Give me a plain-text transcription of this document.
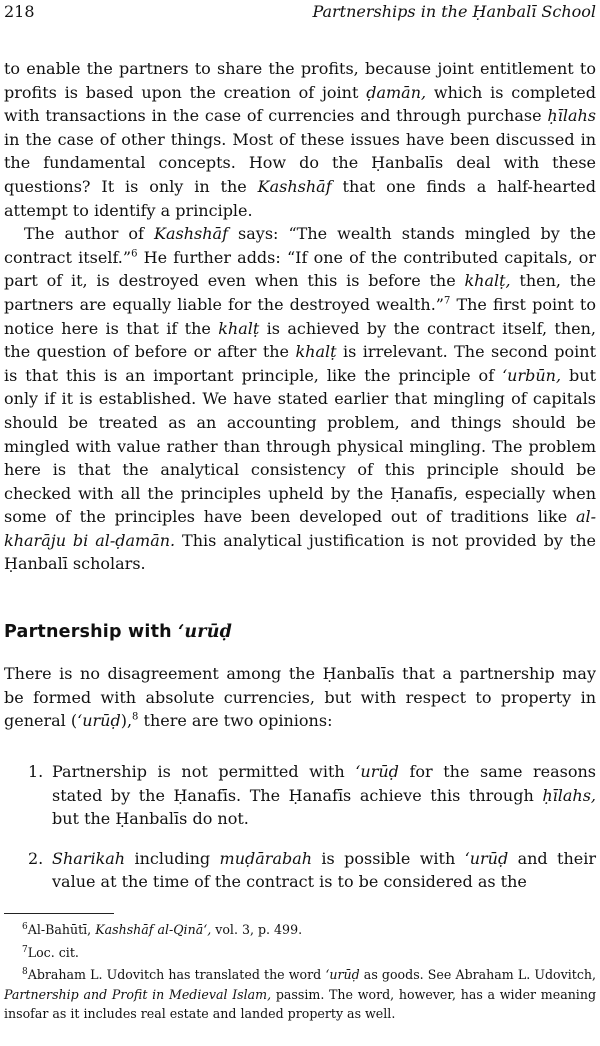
218	Partnerships in the Ḥanbalī School

to enable the partners to share the profits, because joint entitlement to profits is based upon the creation of joint ḍamān, which is completed with transactions in the case of currencies and through purchase ḥīlahs in the case of other things. Most of these issues have been discussed in the fundamental concepts. How do the Ḥanbalīs deal with these questions? It is only in the Kashshāf that one finds a half-hearted attempt to identify a principle.

The author of Kashshāf says: “The wealth stands mingled by the contract itself.”$^6$ He further adds: “If one of the contributed capitals, or part of it, is destroyed even when this is before the khalṭ, then, the partners are equally liable for the destroyed wealth.”$^7$ The first point to notice here is that if the khalṭ is achieved by the contract itself, then, the question of before or after the khalṭ is irrelevant. The second point is that this is an important principle, like the principle of ‘urbūn, but only if it is established. We have stated earlier that mingling of capitals should be treated as an accounting problem, and things should be mingled with value rather than through physical mingling. The problem here is that the analytical consistency of this principle should be checked with all the principles upheld by the Ḥanafīs, especially when some of the principles have been developed out of traditions like al-kharāju bi al-ḍamān. This analytical justification is not provided by the Ḥanbalī scholars.

Partnership with ‘urūḍ
There is no disagreement among the Ḥanbalīs that a partnership may be formed with absolute currencies, but with respect to property in general (‘urūḍ),$^8$ there are two opinions:
1. Partnership is not permitted with ‘urūḍ for the same reasons stated by the Ḥanafīs. The Ḥanafīs achieve this through ḥīlahs, but the Ḥanbalīs do not.
2. Sharikah including muḍārabah is possible with ‘urūḍ and their value at the time of the contract is to be considered as the

$^6$Al-Bahūtī, Kashshāf al-Qinā‘, vol. 3, p. 499.

$^7$Loc. cit.

$^8$Abraham L. Udovitch has translated the word ‘urūḍ as goods. See Abraham L. Udovitch, Partnership and Profit in Medieval Islam, passim. The word, however, has a wider meaning insofar as it includes real estate and landed property as well.
